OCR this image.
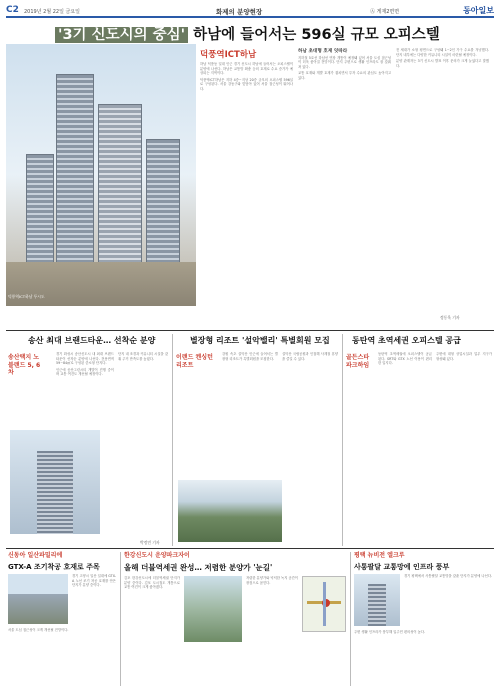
C2 2019년 2월 22일 금요일	화제의 분양현장	Ⓐ 게재2면면	동아일보
'3기 신도시의 중심' 하남에 들어서는 596실 규모 오피스텔
덕풍역ICT하남 투시도
덕풍역ICT하남

하남 덕풍동 일대 인근 경기 신도시 하남에 들어서는 오피스텔이 분양에 나선다. 하남은 교통망 확충 등의 호재로 수요 증가가 예상되는 지역이다.

덕풍역ICT하남은 지하 4층~지상 20층 규모의 오피스텔 596실로 구성된다. 서울 강동구와 맞닿아 있어 서울 접근성이 뛰어나다.

하남 초대형 호재 잇따라

지하철 5호선 하남선 연장 개통이 예정돼 있어 서울 도심 접근성이 더욱 좋아질 전망이다. 단지 주변으로 생활 인프라도 잘 갖춰져 있다.

교통 호재와 개발 호재가 겹치면서 투자 수요의 관심도 높아지고 있다.

전 세대가 소형 평면으로 구성돼 1~2인 가구 수요를 겨냥했다. 단지 내부에는 다양한 커뮤니티 시설이 마련될 예정이다.

분양 관계자는 3기 신도시 발표 이후 문의가 크게 늘었다고 말했다.

정동욱 기자
송산 최대 브랜드타운… 선착순 분양	별장형 리조트 '설악밸리' 특별회원 모집	동탄역 초역세권 오피스텔 공급
송산택지 노블랜드 5, 6차

경기 화성시 송산신도시 내 최대 브랜드 타운이 선착순 분양에 나선다. 전용면적 59~84㎡로 구성된 중소형 단지다.

인근에 송산그린시티 개발이 진행 중이며 교통 여건도 개선될 예정이다.

단지 내 조경과 커뮤니티 시설을 갖춰 주거 만족도를 높였다.

박정민 기자
이랜드 켄싱턴리조트

강원 속초 설악산 인근에 들어서는 별장형 리조트가 특별회원을 모집한다.

설악산 국립공원과 인접해 사계절 휴양을 즐길 수 있다.	골든스타 파크하임

동탄역 초역세권에 오피스텔이 공급된다. SRT와 GTX 노선 이용이 편리한 입지다.

주변에 대형 상업시설과 업무 지구가 형성돼 있다.

신동아 일산파밀리에
GTX-A 조기착공 호재로 주목

경기 고양시 일산 일대에 GTX-A 노선 조기 착공 호재를 안은 단지가 분양 중이다.

서울 도심 접근성이 크게 개선될 전망이다.

한강신도시 운양파크자이
올해 더블역세권 완성… 저렴한 분양가 '눈길'

김포 한강신도시에 더블역세권 단지가 분양 중이다. 김포 도시철도 개통으로 교통 여건이 크게 좋아졌다.

저렴한 분양가와 넉넉한 녹지 공간이 장점으로 꼽힌다.

평택 뉴비전 엘크루
사통팔달 교통망에 인프라 풍부

경기 평택에서 사통팔달 교통망을 갖춘 단지가 분양에 나선다.

주변 생활 인프라가 풍부해 입주민 편의성이 높다.
